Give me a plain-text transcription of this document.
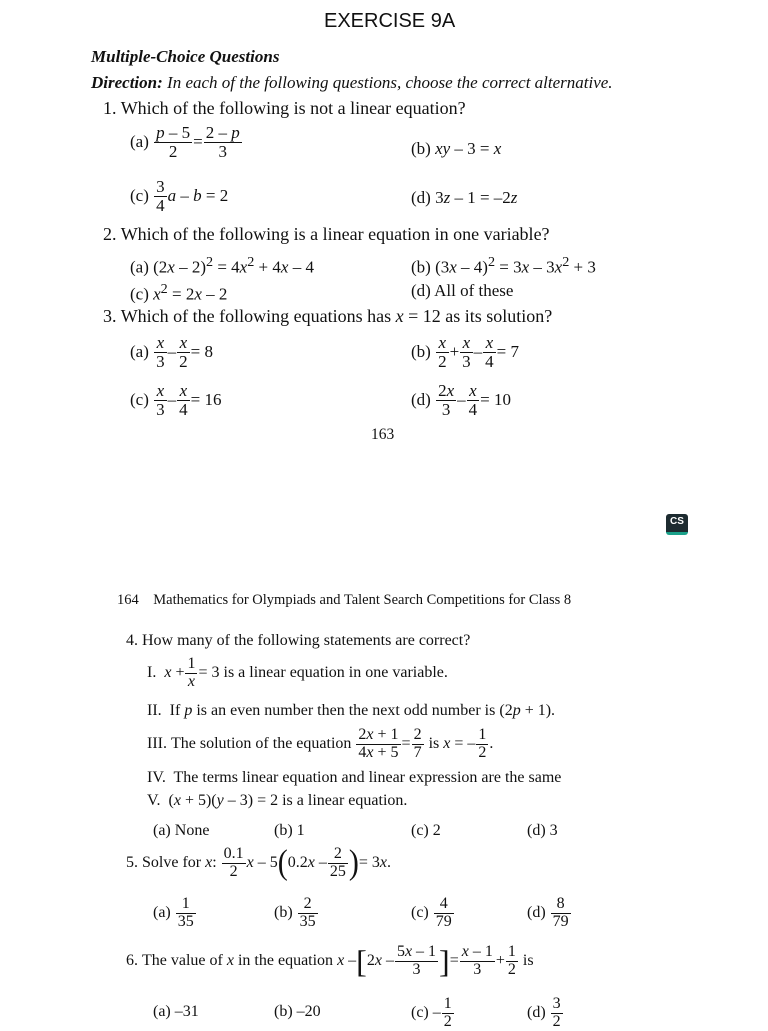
EXERCISE 9A
Multiple-Choice Questions
Direction: In each of the following questions, choose the correct alternative.
1. Which of the following is not a linear equation?
$(a) \frac{p - 5}{2} = \frac{2 - p}{3}$	(b) xy – 3 = x
$(c) \frac{3}{4}$ a – b = 2	(d) 3z – 1 = –2z
2. Which of the following is a linear equation in one variable?
(a) $(2x - 2)^2 = 4x^2 + 4x - 4$	(b) $(3x - 4)^2 = 3x - 3x^2 + 3$
(c) $x^2 = 2x - 2$	(d) All of these
3. Which of the following equations has x = 12 as its solution?
$(a) \frac{x}{3} - \frac{x}{2} = 8$	$(b) \frac{x}{2} + \frac{x}{3} - \frac{x}{4} = 7$
$(c) \frac{x}{3} - \frac{x}{4} = 16$	$(d) \frac{2x}{3} - \frac{x}{4} = 10$
163
CS
164 Mathematics for Olympiads and Talent Search Competitions for Class 8
4. How many of the following statements are correct?
I.  $x + \frac{1}{x} = 3$ is a linear equation in one variable.
II.  If p is an even number then the next odd number is (2p + 1).
III. The solution of the equation
$\frac{2x + 1}{4x + 5} = \frac{2}{7}$ is x = – $\frac{1}{2}$ .
IV.  The terms linear equation and linear expression are the same
V.  (x + 5)(y – 3) = 2 is a linear equation.
(a) None	(b) 1	(c) 2	(d) 3
5.
Solve for
x : $\frac{0.1}{2}$ x – 5 ( $0.2x - \frac{2}{25}$ ) = 3x.
$(a) \frac{1}{35}$	$(b) \frac{2}{35}$	$(c) \frac{4}{79}$	$(d) \frac{8}{79}$
6.
The value of
x
in the equation
x – [ $2x - \frac{5x - 1}{3}$ ] = $\frac{x - 1}{3} + \frac{1}{2}$ is
(a) –31	(b) –20	$(c) - \frac{1}{2}$	$(d) \frac{3}{2}$
